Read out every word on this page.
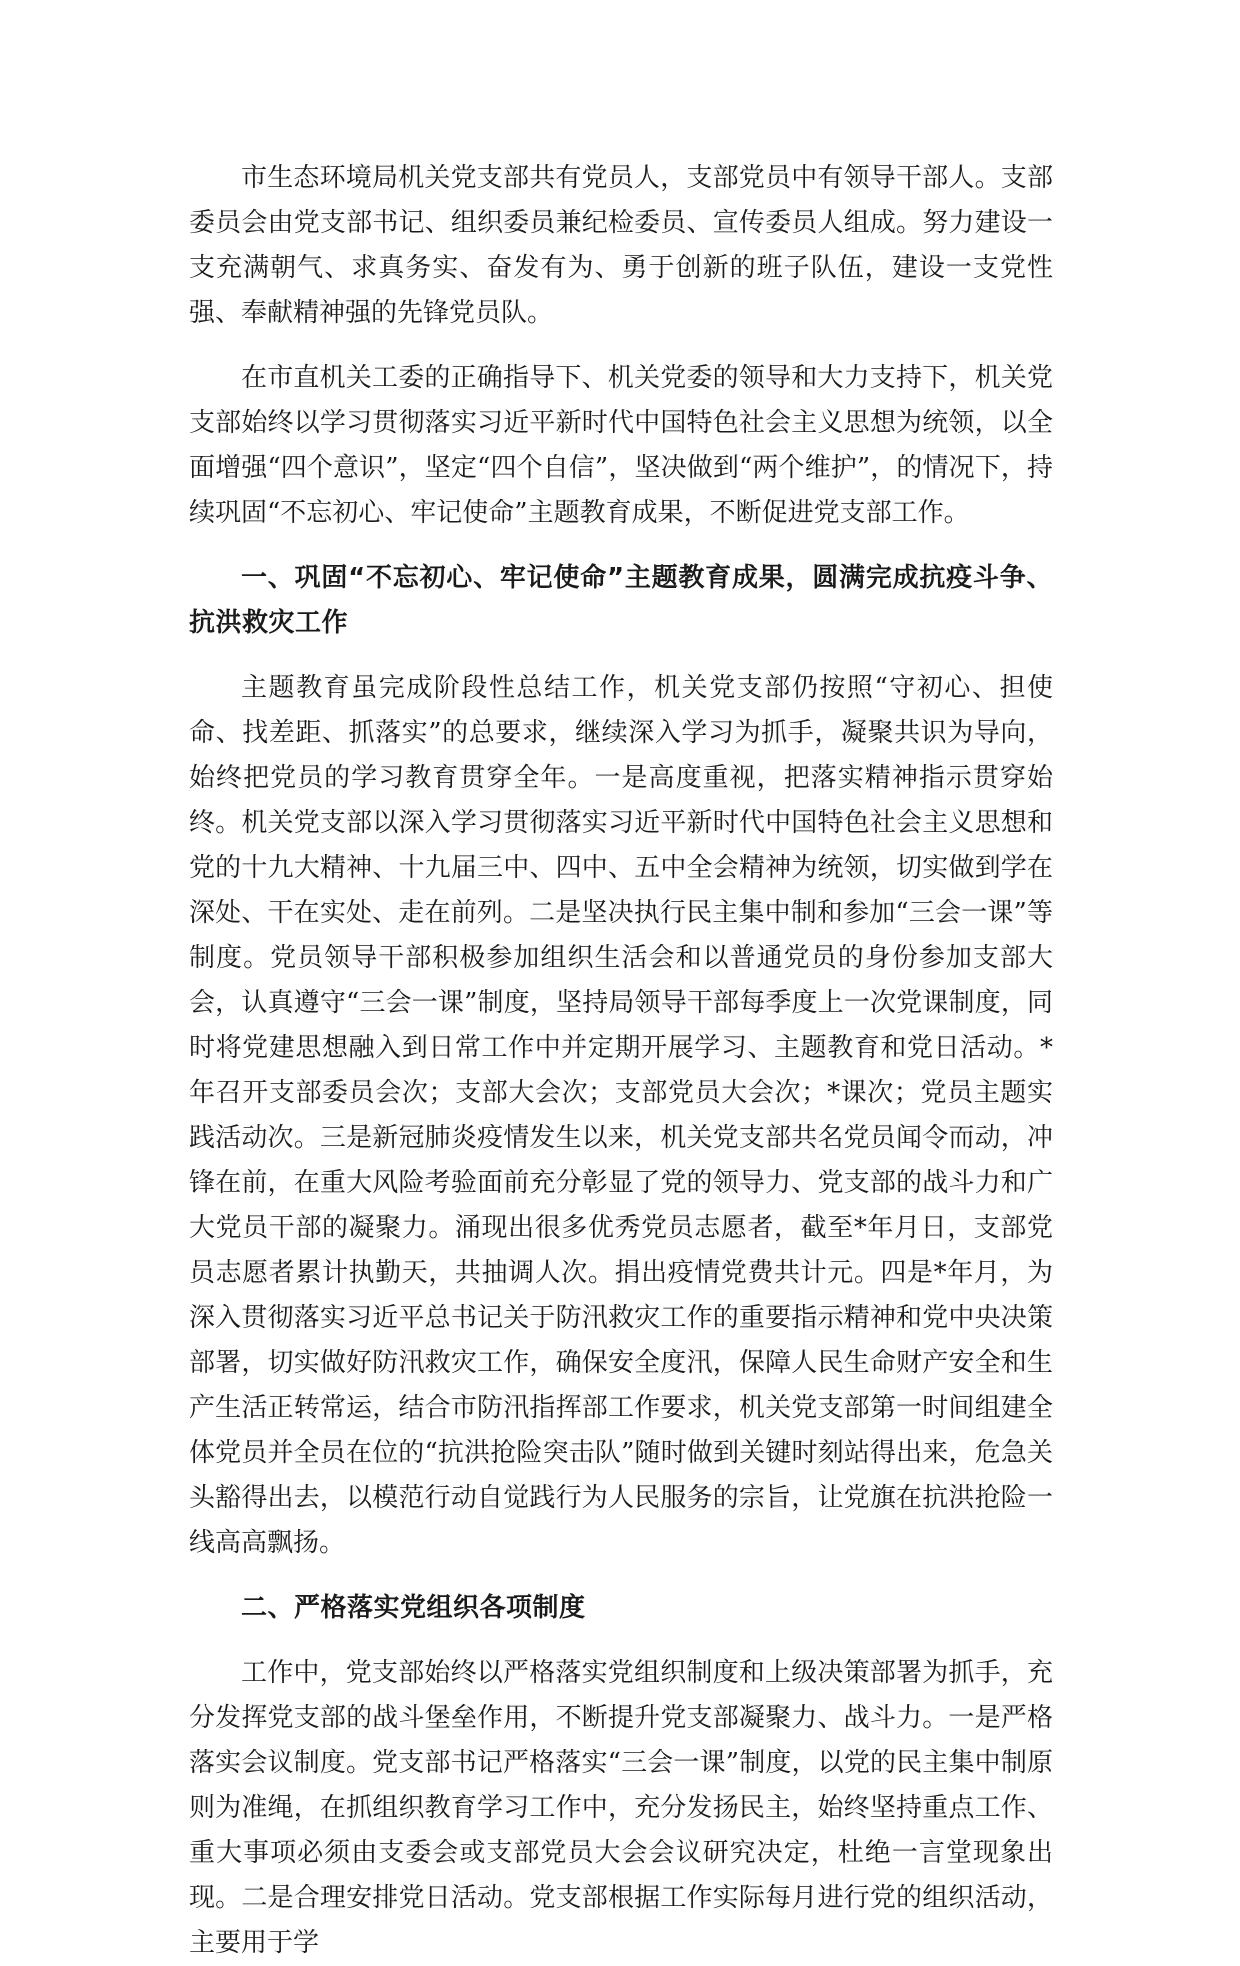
市生态环境局机关党支部共有党员人，支部党员中有领导干部人。支部委员会由党支部书记、组织委员兼纪检委员、宣传委员人组成。努力建设一支充满朝气、求真务实、奋发有为、勇于创新的班子队伍，建设一支党性强、奉献精神强的先锋党员队。

在市直机关工委的正确指导下、机关党委的领导和大力支持下，机关党支部始终以学习贯彻落实习近平新时代中国特色社会主义思想为统领，以全面增强“四个意识”，坚定“四个自信”，坚决做到“两个维护”，的情况下，持续巩固“不忘初心、牢记使命”主题教育成果，不断促进党支部工作。

一、巩固“不忘初心、牢记使命”主题教育成果，圆满完成抗疫斗争、抗洪救灾工作

主题教育虽完成阶段性总结工作，机关党支部仍按照“守初心、担使命、找差距、抓落实”的总要求，继续深入学习为抓手，凝聚共识为导向，始终把党员的学习教育贯穿全年。一是高度重视，把落实精神指示贯穿始终。机关党支部以深入学习贯彻落实习近平新时代中国特色社会主义思想和党的十九大精神、十九届三中、四中、五中全会精神为统领，切实做到学在深处、干在实处、走在前列。二是坚决执行民主集中制和参加“三会一课”等制度。党员领导干部积极参加组织生活会和以普通党员的身份参加支部大会，认真遵守“三会一课”制度，坚持局领导干部每季度上一次党课制度，同时将党建思想融入到日常工作中并定期开展学习、主题教育和党日活动。*年召开支部委员会次；支部大会次；支部党员大会次；*课次；党员主题实践活动次。三是新冠肺炎疫情发生以来，机关党支部共名党员闻令而动，冲锋在前，在重大风险考验面前充分彰显了党的领导力、党支部的战斗力和广大党员干部的凝聚力。涌现出很多优秀党员志愿者，截至*年月日，支部党员志愿者累计执勤天，共抽调人次。捐出疫情党费共计元。四是*年月，为深入贯彻落实习近平总书记关于防汛救灾工作的重要指示精神和党中央决策部署，切实做好防汛救灾工作，确保安全度汛，保障人民生命财产安全和生产生活正转常运，结合市防汛指挥部工作要求，机关党支部第一时间组建全体党员并全员在位的“抗洪抢险突击队”随时做到关键时刻站得出来，危急关头豁得出去，以模范行动自觉践行为人民服务的宗旨，让党旗在抗洪抢险一线高高飘扬。

二、严格落实党组织各项制度

工作中，党支部始终以严格落实党组织制度和上级决策部署为抓手，充分发挥党支部的战斗堡垒作用，不断提升党支部凝聚力、战斗力。一是严格落实会议制度。党支部书记严格落实“三会一课”制度，以党的民主集中制原则为准绳，在抓组织教育学习工作中，充分发扬民主，始终坚持重点工作、重大事项必须由支委会或支部党员大会会议研究决定，杜绝一言堂现象出现。二是合理安排党日活动。党支部根据工作实际每月进行党的组织活动，主要用于学
